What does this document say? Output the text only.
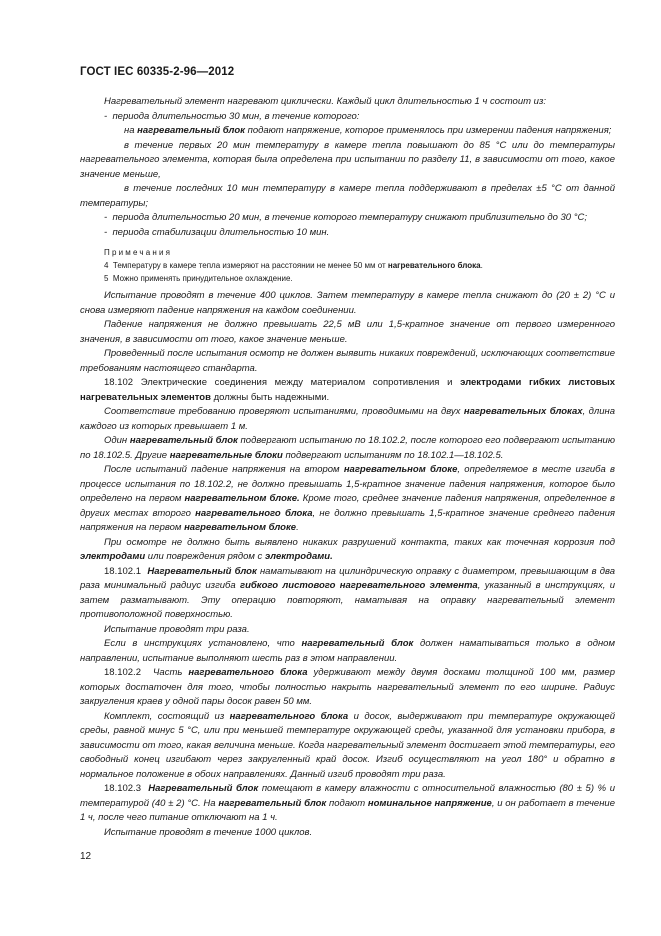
ГОСТ IEC 60335-2-96—2012

Нагревательный элемент нагревают циклически. Каждый цикл длительностью 1 ч состоит из:

-  периода длительностью 30 мин, в течение которого:

на нагревательный блок подают напряжение, которое применялось при измерении падения напряжения;

в течение первых 20 мин температуру в камере тепла повышают до 85 °С или до температуры нагревательного элемента, которая была определена при испытании по разделу 11, в зависимости от того, какое значение меньше,

в течение последних 10 мин температуру в камере тепла поддерживают в пределах ±5 °С от данной температуры;

-  периода длительностью 20 мин, в течение которого температуру снижают приблизительно до 30 °С;

-  периода стабилизации длительностью 10 мин.

Примечания
4  Температуру в камере тепла измеряют на расстоянии не менее 50 мм от нагревательного блока.
5  Можно применять принудительное охлаждение.

Испытание проводят в течение 400 циклов. Затем температуру в камере тепла снижают до (20 ± 2) °С и снова измеряют падение напряжения на каждом соединении.

Падение напряжения не должно превышать 22,5 мВ или 1,5-кратное значение от первого измеренного значения, в зависимости от того, какое значение меньше.

Проведенный после испытания осмотр не должен выявить никаких повреждений, исключающих соответствие требованиям настоящего стандарта.

18.102 Электрические соединения между материалом сопротивления и электродами гибких листовых нагревательных элементов должны быть надежными.

Соответствие требованию проверяют испытаниями, проводимыми на двух нагревательных блоках, длина каждого из которых превышает 1 м.

Один нагревательный блок подвергают испытанию по 18.102.2, после которого его подвергают испытанию по 18.102.5. Другие нагревательные блоки подвергают испытаниям по 18.102.1—18.102.5.

После испытаний падение напряжения на втором нагревательном блоке, определяемое в месте изгиба в процессе испытания по 18.102.2, не должно превышать 1,5-кратное значение падения напряжения, которое было определено на первом нагревательном блоке. Кроме того, среднее значение падения напряжения, определенное в других местах второго нагревательного блока, не должно превышать 1,5-кратное значение среднего падения напряжения на первом нагревательном блоке.

При осмотре не должно быть выявлено никаких разрушений контакта, таких как точечная коррозия под электродами или повреждения рядом с электродами.

18.102.1 Нагревательный блок наматывают на цилиндрическую оправку с диаметром, превышающим в два раза минимальный радиус изгиба гибкого листового нагревательного элемента, указанный в инструкциях, и затем разматывают. Эту операцию повторяют, наматывая на оправку нагревательный элемент противоположной поверхностью.

Испытание проводят три раза.

Если в инструкциях установлено, что нагревательный блок должен наматываться только в одном направлении, испытание выполняют шесть раз в этом направлении.

18.102.2  Часть нагревательного блока удерживают между двумя досками толщиной 100 мм, размер которых достаточен для того, чтобы полностью накрыть нагревательный элемент по его ширине. Радиус закругления краев у одной пары досок равен 50 мм.

Комплект, состоящий из нагревательного блока и досок, выдерживают при температуре окружающей среды, равной минус 5 °С, или при меньшей температуре окружающей среды, указанной для установки прибора, в зависимости от того, какая величина меньше. Когда нагревательный элемент достигает этой температуры, его свободный конец изгибают через закругленный край досок. Изгиб осуществляют на угол 180° и обратно в нормальное положение в обоих направлениях. Данный изгиб проводят три раза.

18.102.3 Нагревательный блок помещают в камеру влажности с относительной влажностью (80 ± 5) % и температурой (40 ± 2) °С. На нагревательный блок подают номинальное напряжение, и он работает в течение 1 ч, после чего питание отключают на 1 ч.

Испытание проводят в течение 1000 циклов.

12
